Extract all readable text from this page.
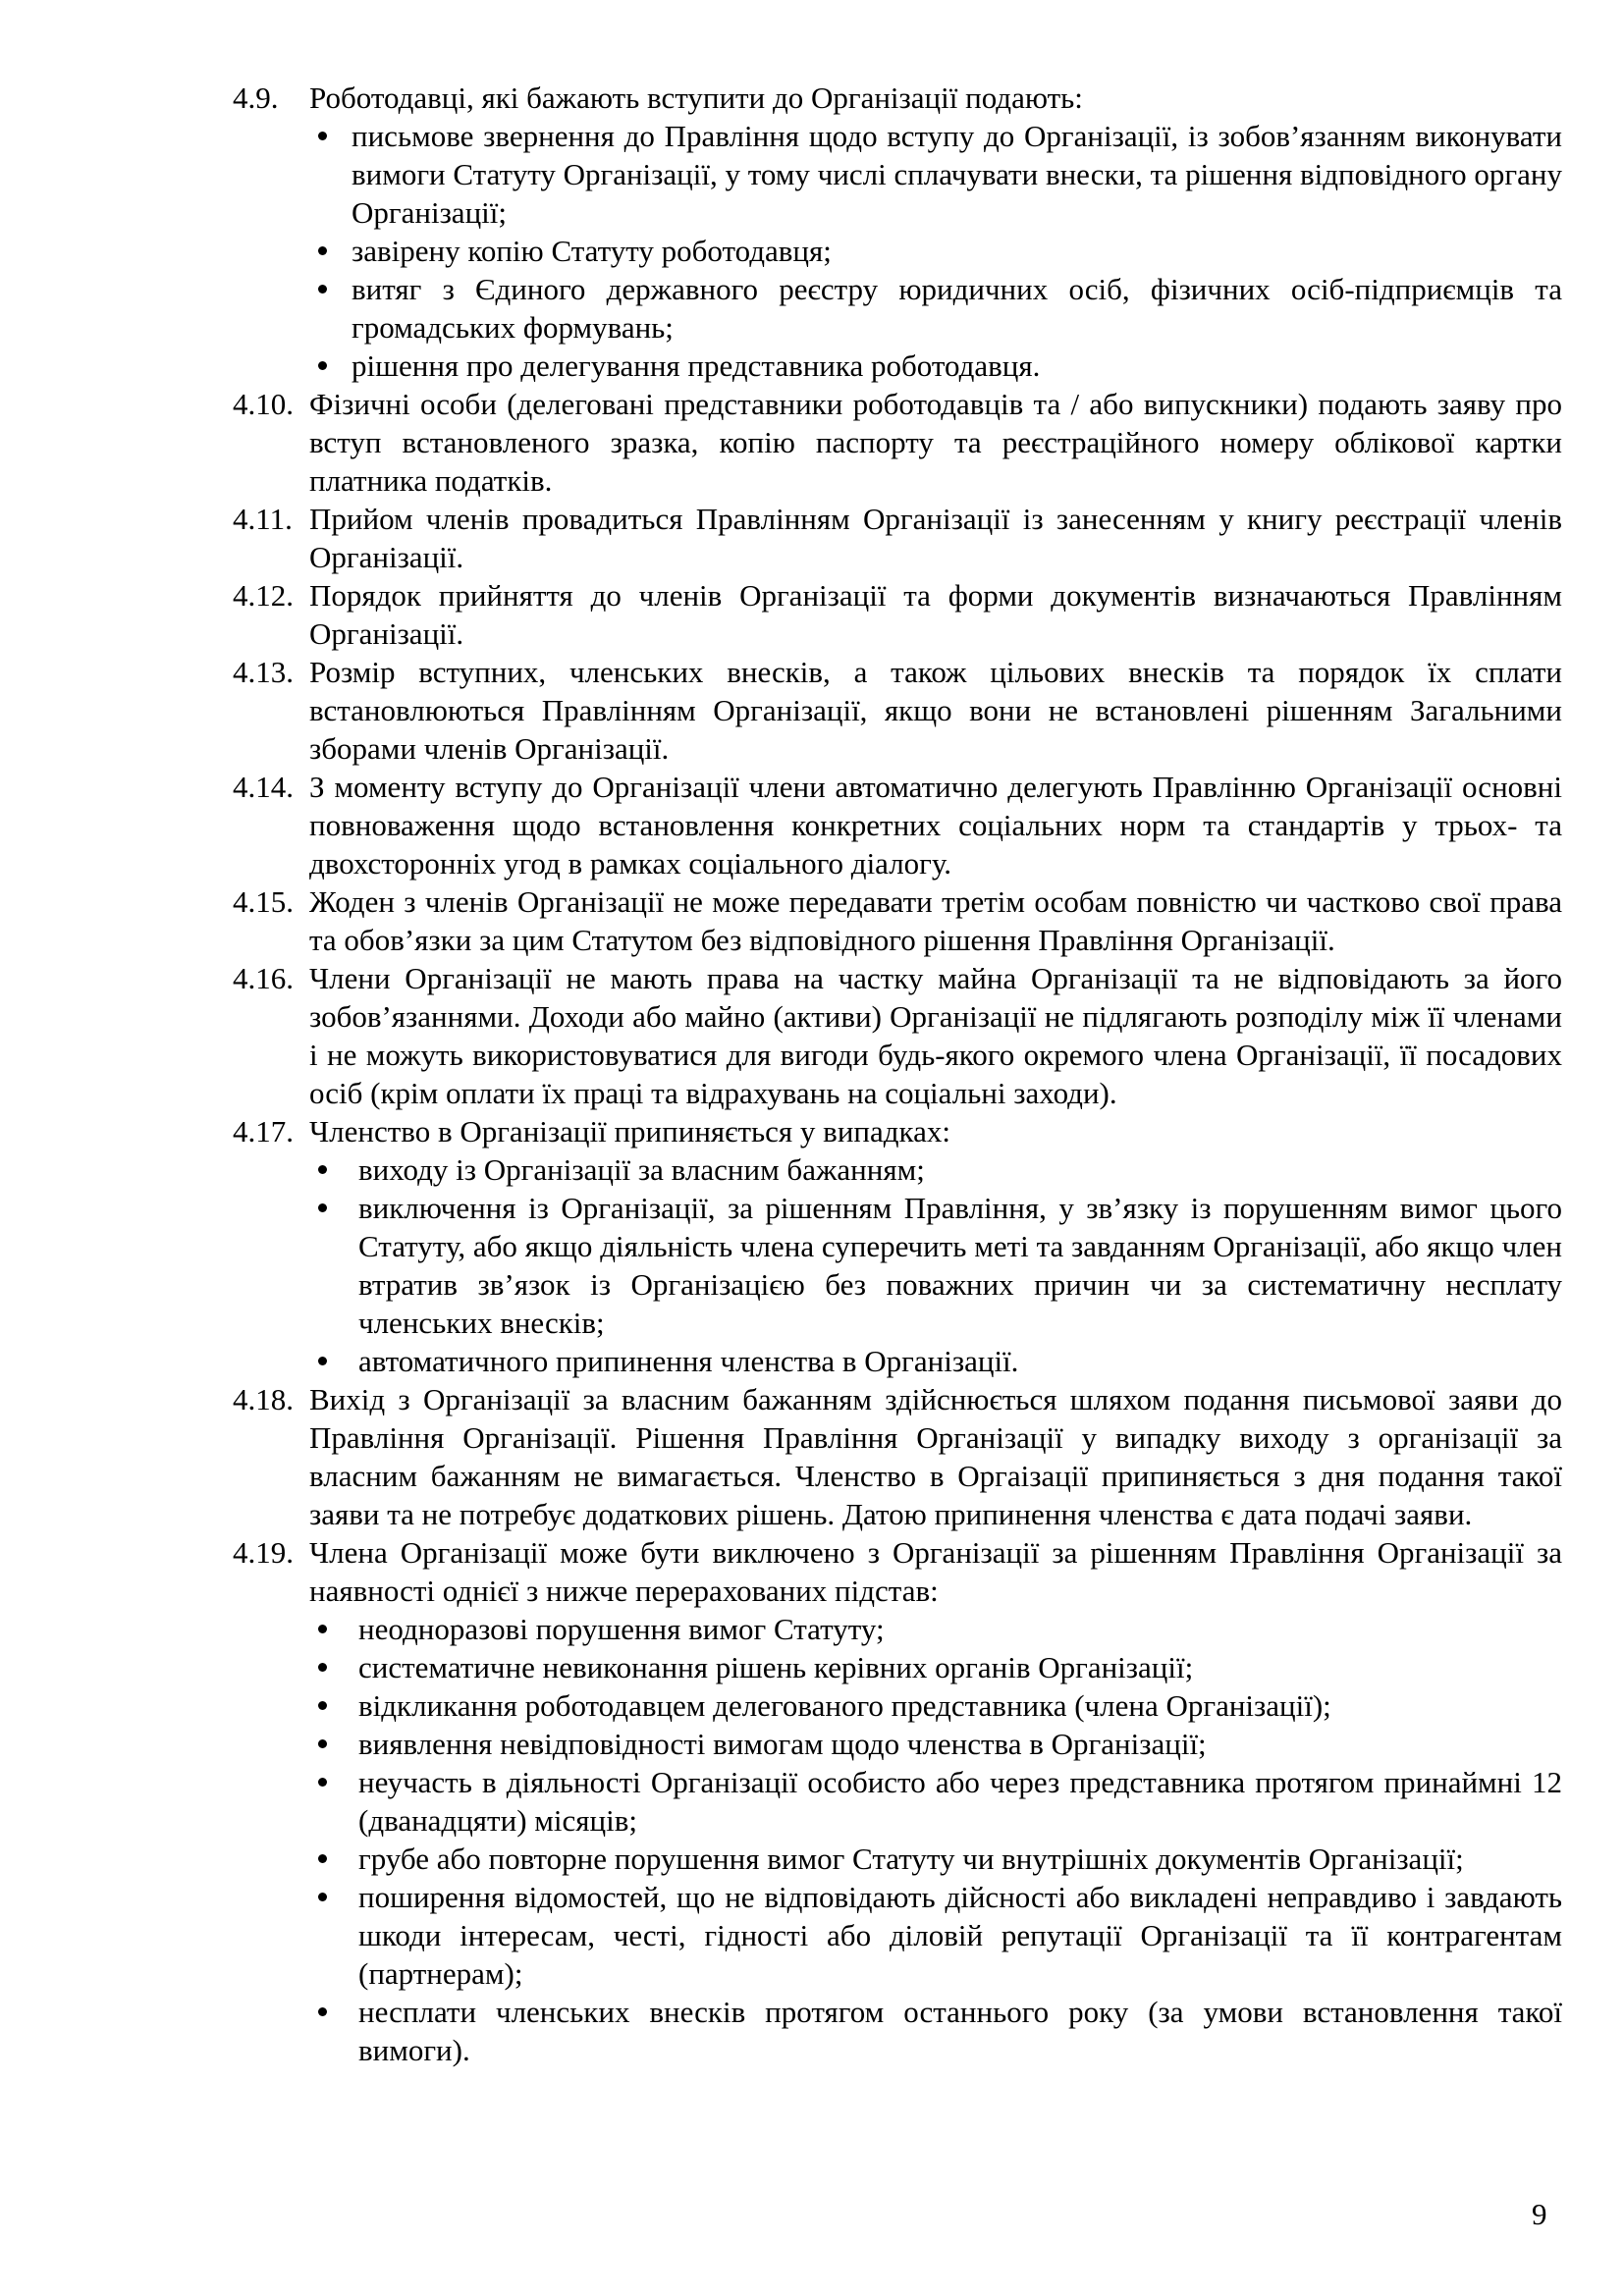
4.9. Роботодавці, які бажають вступити до Організації подають:
письмове звернення до Правління щодо вступу до Організації, із зобов’язанням виконувати вимоги Статуту Організації, у тому числі сплачувати внески, та рішення відповідного органу Організації;
завірену копію Статуту роботодавця;
витяг з Єдиного державного реєстру юридичних осіб, фізичних осіб-підприємців та громадських формувань;
рішення про делегування представника роботодавця.
4.10. Фізичні особи (делеговані представники роботодавців та / або випускники) подають заяву про вступ встановленого зразка, копію паспорту та реєстраційного номеру облікової картки платника податків.
4.11. Прийом членів провадиться Правлінням Організації із занесенням у книгу реєстрації членів Організації.
4.12. Порядок прийняття до членів Організації та форми документів визначаються Правлінням Організації.
4.13. Розмір вступних, членських внесків, а також цільових внесків та порядок їх сплати встановлюються Правлінням Організації, якщо вони не встановлені рішенням Загальними зборами членів Організації.
4.14. З моменту вступу до Організації члени автоматично делегують Правлінню Організації основні повноваження щодо встановлення конкретних соціальних норм та стандартів у трьох- та двохсторонніх угод в рамках соціального діалогу.
4.15. Жоден з членів Організації не може передавати третім особам повністю чи частково свої права та обов’язки за цим Статутом без відповідного рішення Правління Організації.
4.16. Члени Організації не мають права на частку майна Організації та не відповідають за його зобов’язаннями. Доходи або майно (активи) Організації не підлягають розподілу між її членами і не можуть використовуватися для вигоди будь-якого окремого члена Організації, її посадових осіб (крім оплати їх праці та відрахувань на соціальні заходи).
4.17. Членство в Організації припиняється у випадках:
виходу із Організації за власним бажанням;
виключення із Організації, за рішенням Правління, у зв’язку із порушенням вимог цього Статуту, або якщо діяльність члена суперечить меті та завданням Організації, або якщо член втратив зв’язок із Організацією без поважних причин чи за систематичну несплату членських внесків;
автоматичного припинення членства в Організації.
4.18. Вихід з Організації за власним бажанням здійснюється шляхом подання письмової заяви до Правління Організації. Рішення Правління Організації у випадку виходу з організації за власним бажанням не вимагається. Членство в Оргаізації припиняється з дня подання такої заяви та не потребує додаткових рішень. Датою припинення членства є дата подачі заяви.
4.19. Члена Організації може бути виключено з Організації за рішенням Правління Організації за наявності однієї з нижче перерахованих підстав:
неодноразові порушення вимог Статуту;
систематичне невиконання рішень керівних органів Організації;
відкликання роботодавцем делегованого представника (члена Організації);
виявлення невідповідності вимогам щодо членства в Організації;
неучасть в діяльності Організації особисто або через представника протягом принаймні 12 (дванадцяти) місяців;
грубе або повторне порушення вимог Статуту чи внутрішніх документів Організації;
поширення відомостей, що не відповідають дійсності або викладені неправдиво і завдають шкоди інтересам, честі, гідності або діловій репутації Організації та її контрагентам (партнерам);
несплати членських внесків протягом останнього року (за умови встановлення такої вимоги).
9
